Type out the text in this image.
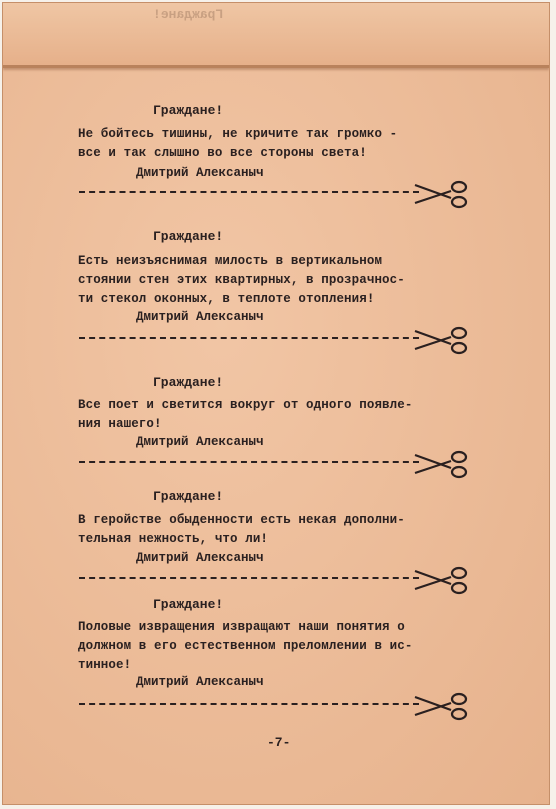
Граждане!
Граждане!
Не бойтесь тишины, не кричите так громко -
все и так слышно во все стороны света!
Дмитрий Алексаныч
Граждане!
Есть неизъяснимая милость в вертикальном
стоянии стен этих квартирных, в прозрачнос-
ти стекол оконных, в теплоте отопления!
Дмитрий Алексаныч
Граждане!
Все поет и светится вокруг от одного появле-
ния нашего!
Дмитрий Алексаныч
Граждане!
В геройстве обыденности есть некая дополни-
тельная нежность, что ли!
Дмитрий Алексаныч
Граждане!
Половые извращения извращают наши понятия о
должном в его естественном преломлении в ис-
тинное!
Дмитрий Алексаныч
-7-
